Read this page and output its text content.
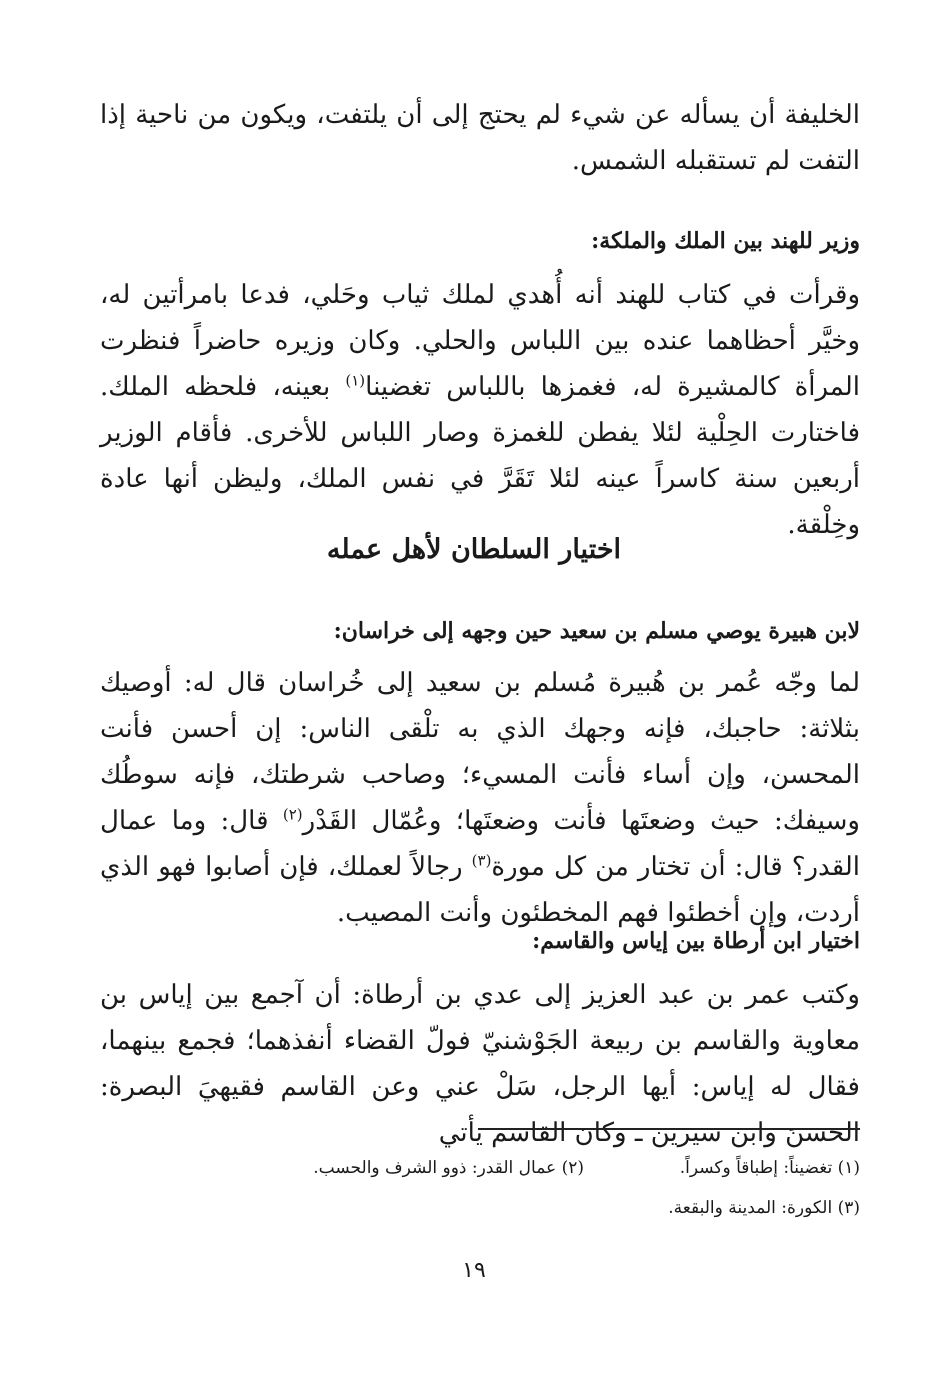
الخليفة أن يسأله عن شيء لم يحتج إلى أن يلتفت، ويكون من ناحية إذا التفت لم تستقبله الشمس.
وزير للهند بين الملك والملكة:
وقرأت في كتاب للهند أنه أُهدي لملك ثياب وحَلي، فدعا بامرأتين له، وخيَّر أحظاهما عنده بين اللباس والحلي. وكان وزيره حاضراً فنظرت المرأة كالمشيرة له، فغمزها باللباس تغضينا$^{(١)}$ بعينه، فلحظه الملك. فاختارت الحِلْية لئلا يفطن للغمزة وصار اللباس للأخرى. فأقام الوزير أربعين سنة كاسراً عينه لئلا تَقَرَّ في نفس الملك، وليظن أنها عادة وخِلْقة.
اختيار السلطان لأهل عمله
لابن هبيرة يوصي مسلم بن سعيد حين وجهه إلى خراسان:
لما وجّه عُمر بن هُبيرة مُسلم بن سعيد إلى خُراسان قال له: أوصيك بثلاثة: حاجبك، فإنه وجهك الذي به تلْقى الناس: إن أحسن فأنت المحسن، وإن أساء فأنت المسيء؛ وصاحب شرطتك، فإنه سوطُك وسيفك: حيث وضعتَها فأنت وضعتَها؛ وعُمّال القَدْر$^{(٢)}$ قال: وما عمال القدر؟ قال: أن تختار من كل مورة$^{(٣)}$ رجالاً لعملك، فإن أصابوا فهو الذي أردت، وإن أخطئوا فهم المخطئون وأنت المصيب.
اختيار ابن أرطاة بين إياس والقاسم:
وكتب عمر بن عبد العزيز إلى عدي بن أرطاة: أن آجمع بين إياس بن معاوية والقاسم بن ربيعة الجَوْشنيّ فولّ القضاء أنفذهما؛ فجمع بينهما، فقال له إياس: أيها الرجل، سَلْ عني وعن القاسم فقيهيَ البصرة: الحسنَ وابن سيرين ـ وكان القاسم يأتي
(١) تغضيناً: إطباقاً وكسراً.
(٢) عمال القدر: ذوو الشرف والحسب.
(٣) الكورة: المدينة والبقعة.
١٩
